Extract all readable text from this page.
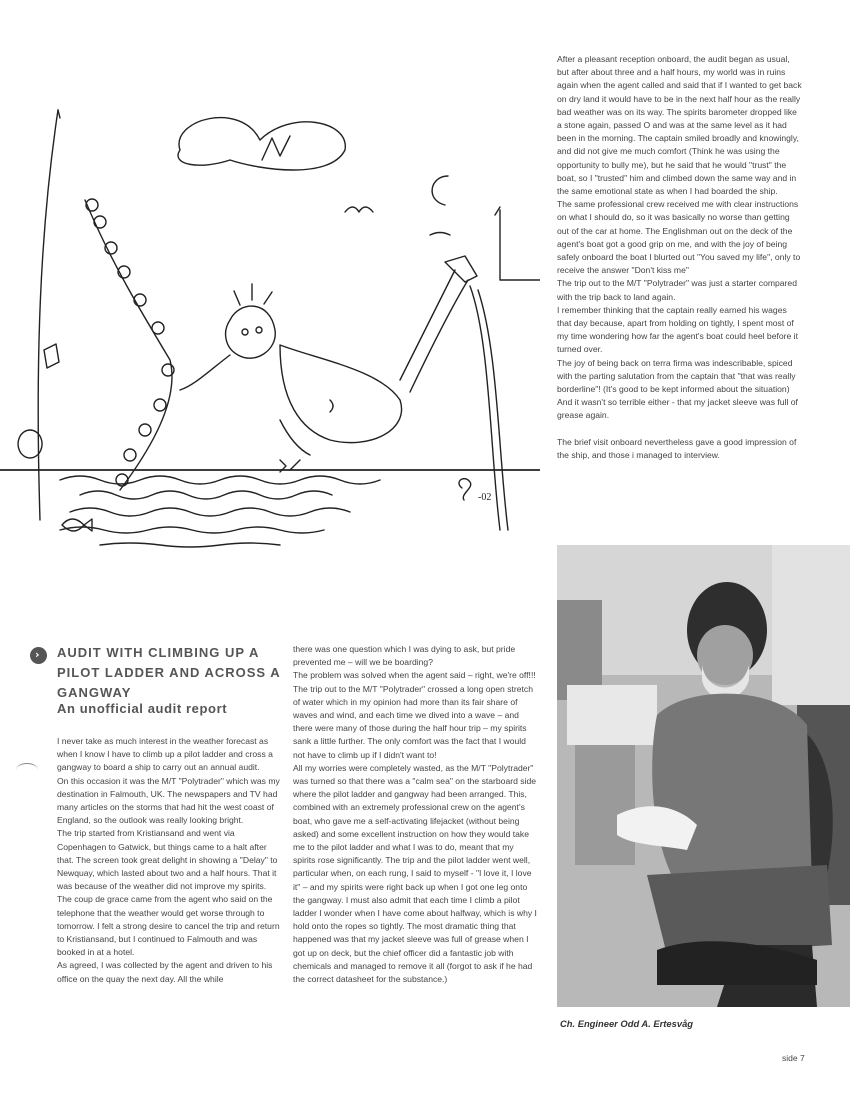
-02

After a pleasant reception onboard, the audit began as usual, but after about three and a half hours, my world was in ruins again when the agent called and said that if I wanted to get back on dry land it would have to be in the next half hour as the really bad weather was on its way. The spirits barometer dropped like a stone again, passed O and was at the same level as it had been in the morning. The captain smiled broadly and knowingly, and did not give me much comfort (Think he was using the opportunity to bully me), but he said that he would "trust" the boat, so I "trusted" him and climbed down the same way and in the same emotional state as when I had boarded the ship.

The same professional crew received me with clear instructions on what I should do, so it was basically no worse than getting out of the car at home. The Englishman out on the deck of the agent's boat got a good grip on me, and with the joy of being safely onboard the boat I blurted out "You saved my life", only to receive the answer "Don't kiss me"

The trip out to the M/T "Polytrader" was just a starter compared with the trip back to land again.

I remember thinking that the captain really earned his wages that day because, apart from holding on tightly, I spent most of my time wondering how far the agent's boat could heel before it turned over.

The joy of being back on terra firma was indescribable, spiced with the parting salutation from the captain that "that was really borderline"! (It's good to be kept informed about the situation)

And it wasn't so terrible either - that my jacket sleeve was full of grease again.

The brief visit onboard nevertheless gave a good impression of the ship, and those i managed to interview.

Ch. Engineer Odd A. Ertesvåg
› AUDIT WITH CLIMBING UP A PILOT LADDER AND ACROSS A GANGWAY
An unofficial audit report

I never take as much interest in the weather forecast as when I know I have to climb up a pilot ladder and cross a gangway to board a ship to carry out an annual audit.

On this occasion it was the M/T "Polytrader" which was my destination in Falmouth, UK. The newspapers and TV had many articles on the storms that had hit the west coast of England, so the outlook was really looking bright.

The trip started from Kristiansand and went via Copenhagen to Gatwick, but things came to a halt after that. The screen took great delight in showing a "Delay" to Newquay, which lasted about two and a half hours. That it was because of the weather did not improve my spirits. The coup de grace came from the agent who said on the telephone that the weather would get worse through to tomorrow. I felt a strong desire to cancel the trip and return to Kristiansand, but I continued to Falmouth and was booked in at a hotel.

As agreed, I was collected by the agent and driven to his office on the quay the next day. All the while

there was one question which I was dying to ask, but pride prevented me – will we be boarding?

The problem was solved when the agent said – right, we're off!!! The trip out to the M/T "Polytrader" crossed a long open stretch of water which in my opinion had more than its fair share of waves and wind, and each time we dived into a wave – and there were many of those during the half hour trip – my spirits sank a little further. The only comfort was the fact that I would not have to climb up if I didn't want to!

All my worries were completely wasted, as the M/T "Polytrader" was turned so that there was a "calm sea" on the starboard side where the pilot ladder and gangway had been arranged. This, combined with an extremely professional crew on the agent's boat, who gave me a self-activating lifejacket (without being asked) and some excellent instruction on how they would take me to the pilot ladder and what I was to do, meant that my spirits rose significantly. The trip and the pilot ladder went well, particular when, on each rung, I said to myself - "I love it, I love it" – and my spirits were right back up when I got one leg onto the gangway. I must also admit that each time I climb a pilot ladder I wonder when I have come about halfway, which is why I hold onto the ropes so tightly. The most dramatic thing that happened was that my jacket sleeve was full of grease when I got up on deck, but the chief officer did a fantastic job with chemicals and managed to remove it all (forgot to ask if he had the correct datasheet for the substance.)

side 7
